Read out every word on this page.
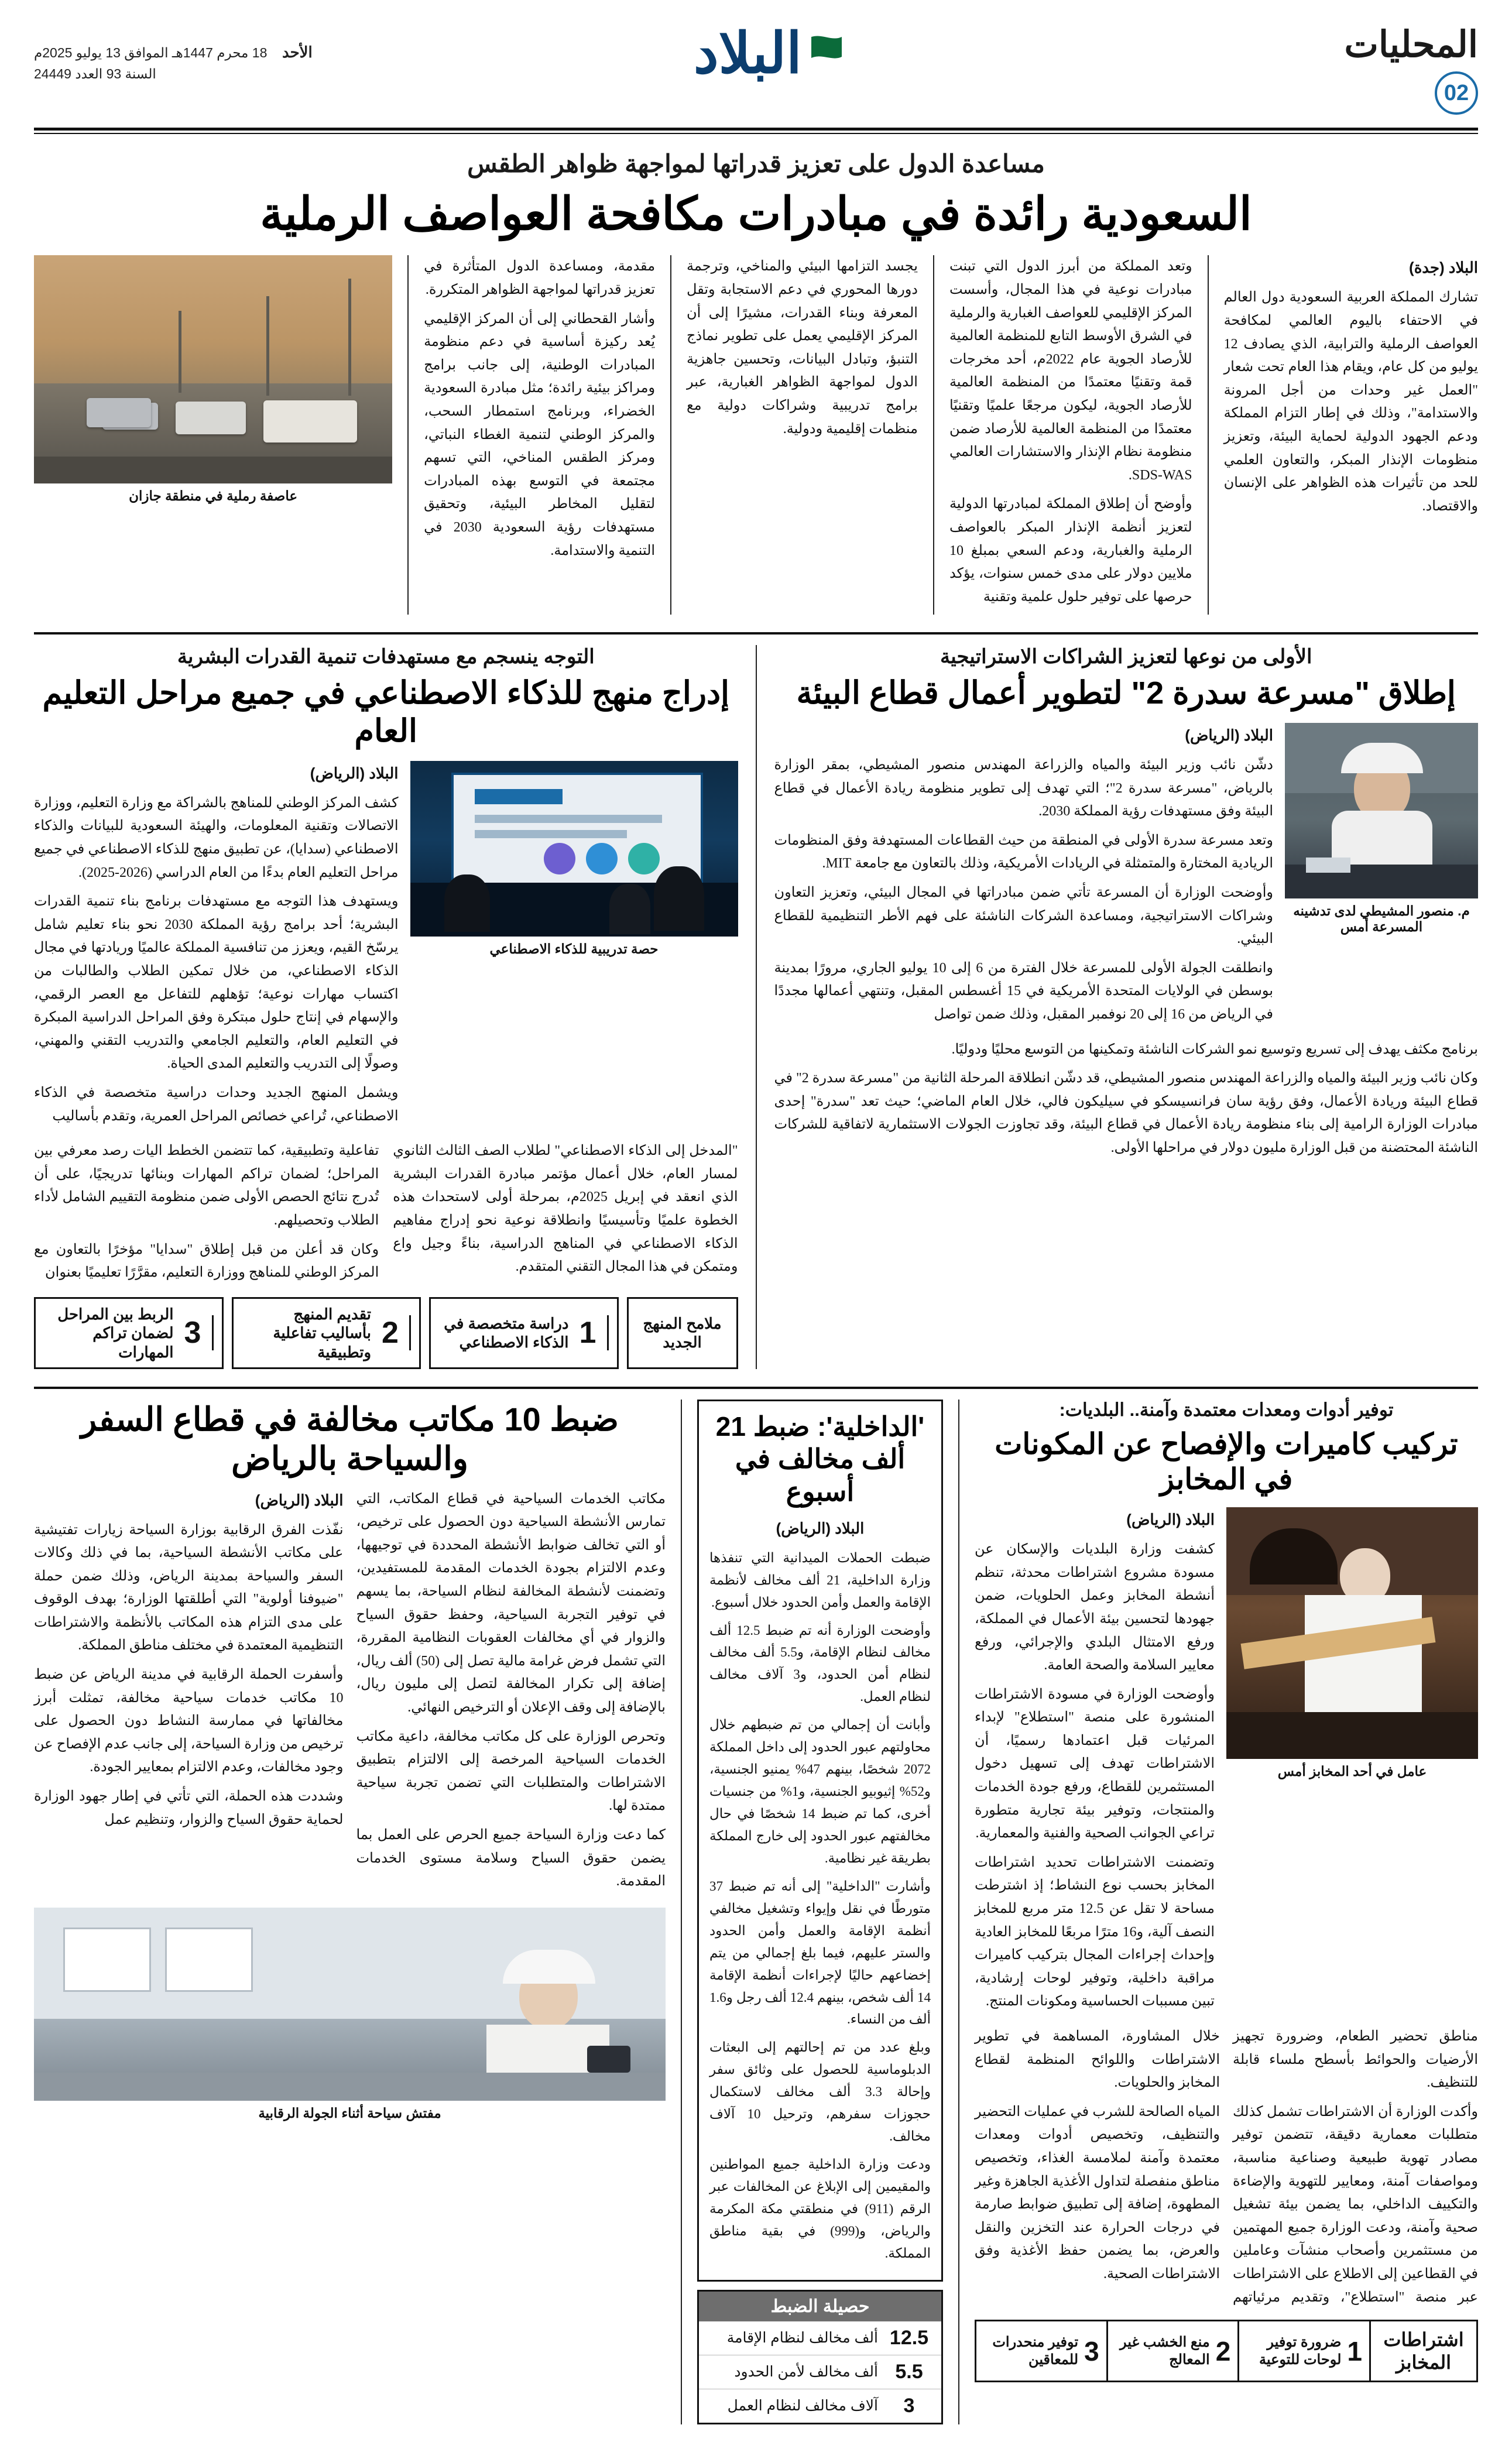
المحليات
02
البلاد
الأحد    18 محرم 1447هـ الموافق 13 يوليو 2025م
السنة 93 العدد 24449
مساعدة الدول على تعزيز قدراتها لمواجهة ظواهر الطقس
السعودية رائدة في مبادرات مكافحة العواصف الرملية
البلاد (جدة)

تشارك المملكة العربية السعودية دول العالم في الاحتفاء باليوم العالمي لمكافحة العواصف الرملية والترابية، الذي يصادف 12 يوليو من كل عام، ويقام هذا العام تحت شعار "العمل غير وحدات من أجل المرونة والاستدامة"، وذلك في إطار التزام المملكة ودعم الجهود الدولية لحماية البيئة، وتعزيز منظومات الإنذار المبكر، والتعاون العلمي للحد من تأثيرات هذه الظواهر على الإنسان والاقتصاد.

وتعد المملكة من أبرز الدول التي تبنت مبادرات نوعية في هذا المجال، وأسست المركز الإقليمي للعواصف الغبارية والرملية في الشرق الأوسط التابع للمنظمة العالمية للأرصاد الجوية عام 2022م، أحد مخرجات قمة وتقنيًا معتمدًا من المنظمة العالمية للأرصاد الجوية، ليكون مرجعًا علميًا وتقنيًا معتمدًا من المنظمة العالمية للأرصاد ضمن منظومة نظام الإنذار والاستشارات العالمي SDS-WAS.

وأوضح أن إطلاق المملكة لمبادرتها الدولية لتعزيز أنظمة الإنذار المبكر بالعواصف الرملية والغبارية، ودعم السعي بمبلغ 10 ملايين دولار على مدى خمس سنوات، يؤكد حرصها على توفير حلول علمية وتقنية

يجسد التزامها البيئي والمناخي، وترجمة دورها المحوري في دعم الاستجابة وتقل المعرفة وبناء القدرات، مشيرًا إلى أن المركز الإقليمي يعمل على تطوير نماذج التنبؤ، وتبادل البيانات، وتحسين جاهزية الدول لمواجهة الظواهر الغبارية، عبر برامج تدريبية وشراكات دولية مع منظمات إقليمية ودولية.

مقدمة، ومساعدة الدول المتأثرة في تعزيز قدراتها لمواجهة الظواهر المتكررة.

وأشار القحطاني إلى أن المركز الإقليمي يُعد ركيزة أساسية في دعم منظومة المبادرات الوطنية، إلى جانب برامج ومراكز بيئية رائدة؛ مثل مبادرة السعودية الخضراء، وبرنامج استمطار السحب، والمركز الوطني لتنمية الغطاء النباتي، ومركز الطقس المناخي، التي تسهم مجتمعة في التوسع بهذه المبادرات لتقليل المخاطر البيئية، وتحقيق مستهدفات رؤية السعودية 2030 في التنمية والاستدامة.

عاصفة رملية في منطقة جازان
الأولى من نوعها لتعزيز الشراكات الاستراتيجية
إطلاق "مسرعة سدرة 2" لتطوير أعمال قطاع البيئة
م. منصور المشيطي لدى تدشينه المسرعة أمس
البلاد (الرياض)

دشّن نائب وزير البيئة والمياه والزراعة المهندس منصور المشيطي، بمقر الوزارة بالرياض، "مسرعة سدرة 2"؛ التي تهدف إلى تطوير منظومة ريادة الأعمال في قطاع البيئة وفق مستهدفات رؤية المملكة 2030.

وتعد مسرعة سدرة الأولى في المنطقة من حيث القطاعات المستهدفة وفق المنظومات الريادية المختارة والمتمثلة في الريادات الأمريكية، وذلك بالتعاون مع جامعة MIT.

وأوضحت الوزارة أن المسرعة تأتي ضمن مبادراتها في المجال البيئي، وتعزيز التعاون وشراكات الاستراتيجية، ومساعدة الشركات الناشئة على فهم الأطر التنظيمية للقطاع البيئي.

وانطلقت الجولة الأولى للمسرعة خلال الفترة من 6 إلى 10 يوليو الجاري، مرورًا بمدينة بوسطن في الولايات المتحدة الأمريكية في 15 أغسطس المقبل، وتنتهي أعمالها مجددًا في الرياض من 16 إلى 20 نوفمبر المقبل، وذلك ضمن تواصل

برنامج مكثف يهدف إلى تسريع وتوسيع نمو الشركات الناشئة وتمكينها من التوسع محليًا ودوليًا.

وكان نائب وزير البيئة والمياه والزراعة المهندس منصور المشيطي، قد دشّن انطلاقة المرحلة الثانية من "مسرعة سدرة 2" في قطاع البيئة وريادة الأعمال، وفق رؤية سان فرانسيسكو في سيليكون فالي، خلال العام الماضي؛ حيث تعد "سدرة" إحدى مبادرات الوزارة الرامية إلى بناء منظومة ريادة الأعمال في قطاع البيئة، وقد تجاوزت الجولات الاستثمارية لاتفاقية للشركات الناشئة المحتضنة من قبل الوزارة مليون دولار في مراحلها الأولى.

التوجه ينسجم مع مستهدفات تنمية القدرات البشرية
إدراج منهج للذكاء الاصطناعي في جميع مراحل التعليم العام
حصة تدريبية للذكاء الاصطناعي
البلاد (الرياض)

كشف المركز الوطني للمناهج بالشراكة مع وزارة التعليم، ووزارة الاتصالات وتقنية المعلومات، والهيئة السعودية للبيانات والذكاء الاصطناعي (سدايا)، عن تطبيق منهج للذكاء الاصطناعي في جميع مراحل التعليم العام بدءًا من العام الدراسي (2026-2025).

ويستهدف هذا التوجه مع مستهدفات برنامج بناء تنمية القدرات البشرية؛ أحد برامج رؤية المملكة 2030 نحو بناء تعليم شامل يرسّخ القيم، ويعزز من تنافسية المملكة عالميًا وريادتها في مجال الذكاء الاصطناعي، من خلال تمكين الطلاب والطالبات من اكتساب مهارات نوعية؛ تؤهلهم للتفاعل مع العصر الرقمي، والإسهام في إنتاج حلول مبتكرة وفق المراحل الدراسية المبكرة في التعليم العام، والتعليم الجامعي والتدريب التقني والمهني، وصولًا إلى التدريب والتعليم المدى الحياة.

ويشمل المنهج الجديد وحدات دراسية متخصصة في الذكاء الاصطناعي، تُراعي خصائص المراحل العمرية، وتقدم بأساليب

"المدخل إلى الذكاء الاصطناعي" لطلاب الصف الثالث الثانوي لمسار العام، خلال أعمال مؤتمر مبادرة القدرات البشرية الذي انعقد في إبريل 2025م، بمرحلة أولى لاستحداث هذه الخطوة علميًا وتأسيسيًا وانطلاقة نوعية نحو إدراج مفاهيم الذكاء الاصطناعي في المناهج الدراسية، بناءً وجيل واع ومتمكن في هذا المجال التقني المتقدم.

تفاعلية وتطبيقية، كما تتضمن الخطط اليات رصد معرفي بين المراحل؛ لضمان تراكم المهارات وبنائها تدريجيًا، على أن تُدرج نتائج الحصص الأولى ضمن منظومة التقييم الشامل لأداء الطلاب وتحصيلهم.

وكان قد أعلن من قبل إطلاق "سدايا" مؤخرًا بالتعاون مع المركز الوطني للمناهج ووزارة التعليم، مقرَّرًا تعليميًا بعنوان

ملامح المنهج الجديد
1
دراسة متخصصة في الذكاء الاصطناعي
2
تقديم المنهج بأساليب تفاعلية وتطبيقية
3
الربط بين المراحل لضمان تراكم المهارات
توفير أدوات ومعدات معتمدة وآمنة.. البلديات:
تركيب كاميرات والإفصاح عن المكونات في المخابز
عامل في أحد المخابز أمس
البلاد (الرياض)

كشفت وزارة البلديات والإسكان عن مسودة مشروع اشتراطات محدثة، تنظم أنشطة المخابز وعمل الحلويات، ضمن جهودها لتحسين بيئة الأعمال في المملكة، ورفع الامتثال البلدي والإجرائي، ورفع معايير السلامة والصحة العامة.

وأوضحت الوزارة في مسودة الاشتراطات المنشورة على منصة "استطلاع" لإبداء المرئيات قبل اعتمادها رسميًا، أن الاشتراطات تهدف إلى تسهيل دخول المستثمرين للقطاع، ورفع جودة الخدمات والمنتجات، وتوفير بيئة تجارية متطورة تراعي الجوانب الصحية والفنية والمعمارية.

وتضمنت الاشتراطات تحديد اشتراطات المخابز بحسب نوع النشاط؛ إذ اشترطت مساحة لا تقل عن 12.5 متر مربع للمخابز النصف آلية، و16 مترًا مربعًا للمخابز العادية وإحداث إجراءات المجال بتركيب كاميرات مراقبة داخلية، وتوفير لوحات إرشادية، تبين مسببات الحساسية ومكونات المنتج.

مناطق تحضير الطعام، وضرورة تجهيز الأرضيات والحوائط بأسطح ملساء قابلة للتنظيف.

وأكدت الوزارة أن الاشتراطات تشمل كذلك متطلبات معمارية دقيقة، تتضمن توفير مصادر تهوية طبيعية وصناعية مناسبة، ومواصفات آمنة، ومعايير للتهوية والإضاءة والتكييف الداخلي، بما يضمن بيئة تشغيل صحية وآمنة، ودعت الوزارة جميع المهتمين من مستثمرين وأصحاب منشآت وعاملين في القطاعين إلى الاطلاع على الاشتراطات عبر منصة "استطلاع"، وتقديم مرئياتهم خلال المشاورة، المساهمة في تطوير الاشتراطات واللوائح المنظمة لقطاع المخابز والحلويات.

المياه الصالحة للشرب في عمليات التحضير والتنظيف، وتخصيص أدوات ومعدات معتمدة وآمنة لملامسة الغذاء، وتخصيص مناطق منفصلة لتداول الأغذية الجاهزة وغير المطهوة، إضافة إلى تطبيق ضوابط صارمة في درجات الحرارة عند التخزين والنقل والعرض، بما يضمن حفظ الأغذية وفق الاشتراطات الصحية.

اشتراطات المخابز
1
ضرورة توفير لوحات للتوعية
2
منع الخشب غير المعالج
3
توفير منحدرات للمعاقين
'الداخلية': ضبط 21 ألف مخالف في أسبوع
البلاد (الرياض)

ضبطت الحملات الميدانية التي تنفذها وزارة الداخلية، 21 ألف مخالف لأنظمة الإقامة والعمل وأمن الحدود خلال أسبوع.

وأوضحت الوزارة أنه تم ضبط 12.5 ألف مخالف لنظام الإقامة، و5.5 ألف مخالف لنظام أمن الحدود، و3 آلاف مخالف لنظام العمل.

وأبانت أن إجمالي من تم ضبطهم خلال محاولتهم عبور الحدود إلى داخل المملكة 2072 شخصًا، بينهم 47% يمنيو الجنسية، و52% إثيوبيو الجنسية، و1% من جنسيات أخرى، كما تم ضبط 14 شخصًا في حال مخالفتهم عبور الحدود إلى خارج المملكة بطريقة غير نظامية.

وأشارت "الداخلية" إلى أنه تم ضبط 37 متورطًا في نقل وإيواء وتشغيل مخالفي أنظمة الإقامة والعمل وأمن الحدود والستر عليهم، فيما بلغ إجمالي من يتم إخضاعهم حاليًا لإجراءات أنظمة الإقامة 14 ألف شخص، بينهم 12.4 ألف رجل و1.6 ألف من النساء.

وبلغ عدد من تم إحالتهم إلى البعثات الدبلوماسية للحصول على وثائق سفر وإحالة 3.3 ألف مخالف لاستكمال حجوزات سفرهم، وترحيل 10 آلاف مخالف.

ودعت وزارة الداخلية جميع المواطنين والمقيمين إلى الإبلاغ عن المخالفات عبر الرقم (911) في منطقتي مكة المكرمة والرياض، و(999) في بقية مناطق المملكة.

حصيلة الضبط
12.5
ألف مخالف لنظام الإقامة
5.5
ألف مخالف لأمن الحدود
3
آلاف مخالف لنظام العمل
ضبط 10 مكاتب مخالفة في قطاع السفر والسياحة بالرياض

مكاتب الخدمات السياحية في قطاع المكاتب، التي تمارس الأنشطة السياحية دون الحصول على ترخيص، أو التي تخالف ضوابط الأنشطة المحددة في توجيهها، وعدم الالتزام بجودة الخدمات المقدمة للمستفيدين، وتضمنت لأنشطة المخالفة لنظام السياحة، بما يسهم في توفير التجربة السياحية، وحفظ حقوق السياح والزوار في أي مخالفات العقوبات النظامية المقررة، التي تشمل فرض غرامة مالية تصل إلى (50) ألف ريال، إضافة إلى تكرار المخالفة لتصل إلى مليون ريال، بالإضافة إلى وقف الإعلان أو الترخيص النهائي.

وتحرص الوزارة على كل مكاتب مخالفة، داعية مكاتب الخدمات السياحية المرخصة إلى الالتزام بتطبيق الاشتراطات والمتطلبات التي تضمن تجربة سياحية ممتدة لها.

كما دعت وزارة السياحة جميع الحرص على العمل بما يضمن حقوق السياح وسلامة مستوى الخدمات المقدمة.

البلاد (الرياض)

نفّذت الفرق الرقابية بوزارة السياحة زيارات تفتيشية على مكاتب الأنشطة السياحية، بما في ذلك وكالات السفر والسياحة بمدينة الرياض، وذلك ضمن حملة "ضيوفنا أولوية" التي أطلقتها الوزارة؛ بهدف الوقوف على مدى التزام هذه المكاتب بالأنظمة والاشتراطات التنظيمية المعتمدة في مختلف مناطق المملكة.

وأسفرت الحملة الرقابية في مدينة الرياض عن ضبط 10 مكاتب خدمات سياحية مخالفة، تمثلت أبرز مخالفاتها في ممارسة النشاط دون الحصول على ترخيص من وزارة السياحة، إلى جانب عدم الإفصاح عن وجود مخالفات، وعدم الالتزام بمعايير الجودة.

وشددت هذه الحملة، التي تأتي في إطار جهود الوزارة لحماية حقوق السياح والزوار، وتنظيم عمل

مفتش سياحة أثناء الجولة الرقابية
